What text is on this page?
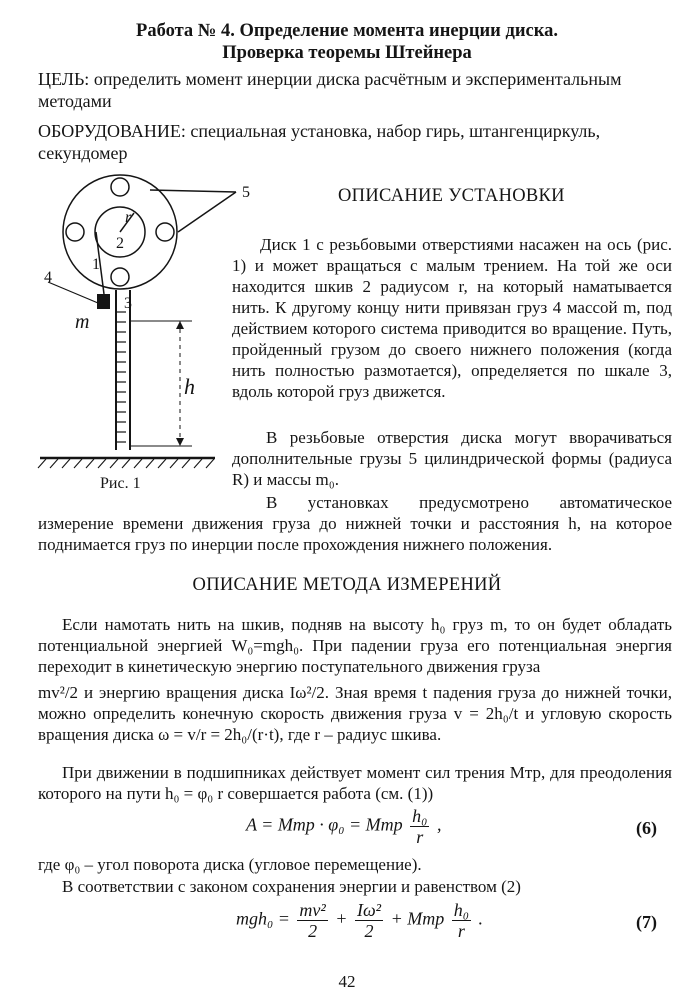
Работа № 4. Определение момента инерции диска.
Проверка теоремы Штейнера
ЦЕЛЬ: определить момент инерции диска расчётным и экспериментальным методами
ОБОРУДОВАНИЕ: специальная установка, набор гирь, штангенциркуль, секундомер
2
r
5
1
3
4
m
h
Рис. 1
ОПИСАНИЕ УСТАНОВКИ

Диск 1 с резьбовыми отверстиями насажен на ось (рис. 1) и может вращаться с малым трением. На той же оси находится шкив 2 радиусом r, на который наматывается нить. К другому концу нити привязан груз 4 массой m, под действием которого система приводится во вращение. Путь, пройденный грузом до своего нижнего положения (когда нить полностью размотается), определяется по шкале 3, вдоль которой груз движется.

В резьбовые отверстия диска могут вворачиваться дополнительные грузы 5 цилиндрической формы (радиуса R) и массы m₀.

В установках предусмотрено автоматическое измерение времени движения груза до нижней точки и расстояния h, на которое поднимается груз по инерции после прохождения нижнего положения.

ОПИСАНИЕ МЕТОДА ИЗМЕРЕНИЙ

Если намотать нить на шкив, подняв на высоту h₀ груз m, то он будет обладать потенциальной энергией W₀=mgh₀. При падении груза его потенциальная энергия переходит в кинетическую энергию поступательного движения груза

mv²/2 и энергию вращения диска Iω²/2. Зная время t падения груза до нижней точки, можно определить конечную скорость движения груза v = 2h₀/t и угловую скорость вращения диска ω = v/r = 2h₀/(r·t), где r – радиус шкива.

При движении в подшипниках действует момент сил трения Mтр, для преодоления которого на пути h₀ = φ₀ r совершается работа (см. (1))

A = Mтр · φ₀ = Mтр $\frac{\text{h₀}}{r}$ ,	(6)

где φ₀ – угол поворота диска (угловое перемещение).

В соответствии с законом сохранения энергии и равенством (2)

$mgh_0 = \frac{\text{mv²}}{2} + \frac{\text{Iω²}}{2}$ + Mтр $\frac{\text{h₀}}{r}$ .	(7)
42
